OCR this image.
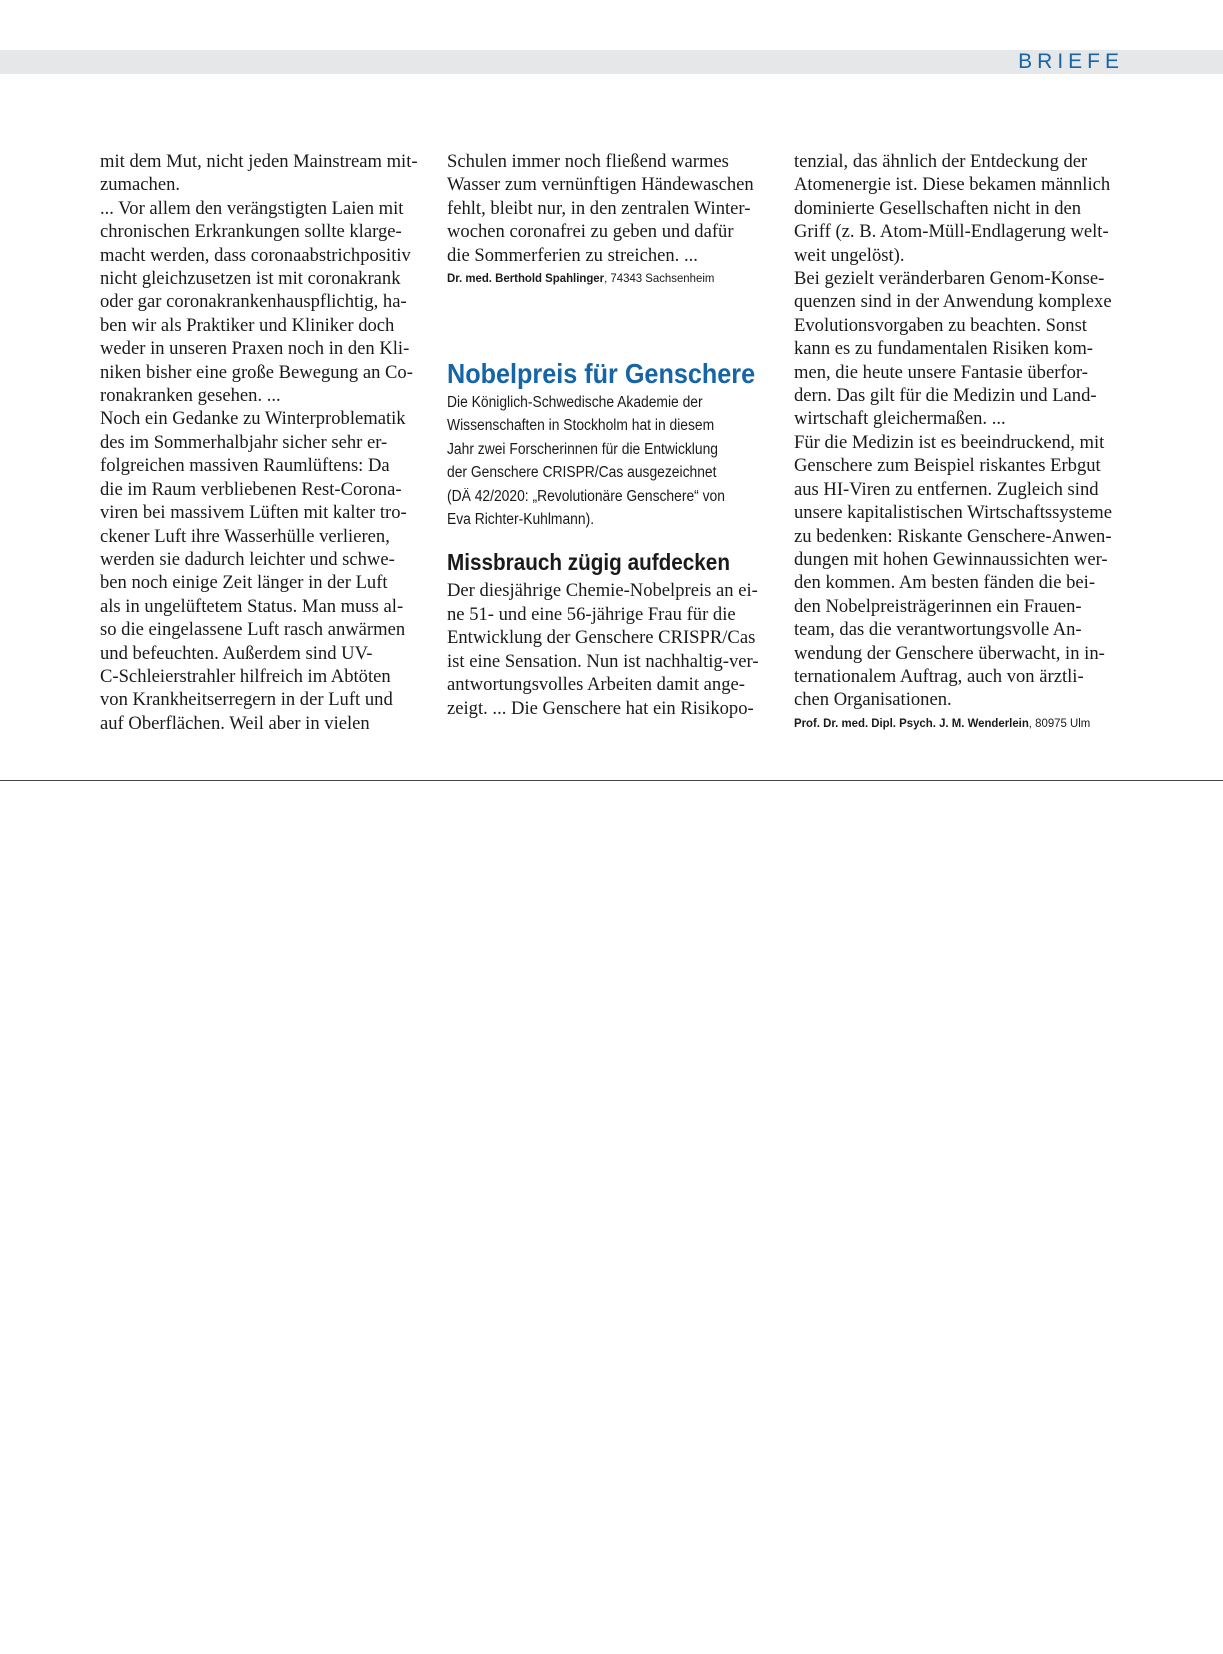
BRIEFE
mit dem Mut, nicht jeden Mainstream mit-
zumachen.
... Vor allem den verängstigten Laien mit
chronischen Erkrankungen sollte klarge-
macht werden, dass coronaabstrichpositiv
nicht gleichzusetzen ist mit coronakrank
oder gar coronakrankenhauspflichtig, ha-
ben wir als Praktiker und Kliniker doch
weder in unseren Praxen noch in den Kli-
niken bisher eine große Bewegung an Co-
ronakranken gesehen. ...
Noch ein Gedanke zu Winterproblematik
des im Sommerhalbjahr sicher sehr er-
folgreichen massiven Raumlüftens: Da
die im Raum verbliebenen Rest-Corona-
viren bei massivem Lüften mit kalter tro-
ckener Luft ihre Wasserhülle verlieren,
werden sie dadurch leichter und schwe-
ben noch einige Zeit länger in der Luft
als in ungelüftetem Status. Man muss al-
so die eingelassene Luft rasch anwärmen
und befeuchten. Außerdem sind UV-
C-Schleierstrahler hilfreich im Abtöten
von Krankheitserregern in der Luft und
auf Oberflächen. Weil aber in vielen
Schulen immer noch fließend warmes
Wasser zum vernünftigen Händewaschen
fehlt, bleibt nur, in den zentralen Winter-
wochen coronafrei zu geben und dafür
die Sommerferien zu streichen. ...
Dr. med. Berthold Spahlinger, 74343 Sachsenheim
Nobelpreis für Genschere
Die Königlich-Schwedische Akademie der
Wissenschaften in Stockholm hat in diesem
Jahr zwei Forscherinnen für die Entwicklung
der Genschere CRISPR/Cas ausgezeichnet
(DÄ 42/2020: „Revolutionäre Genschere“ von
Eva Richter-Kuhlmann).
Missbrauch zügig aufdecken
Der diesjährige Chemie-Nobelpreis an ei-
ne 51- und eine 56-jährige Frau für die
Entwicklung der Genschere CRISPR/Cas
ist eine Sensation. Nun ist nachhaltig-ver-
antwortungsvolles Arbeiten damit ange-
zeigt. ... Die Genschere hat ein Risikopo-
tenzial, das ähnlich der Entdeckung der
Atomenergie ist. Diese bekamen männlich
dominierte Gesellschaften nicht in den
Griff (z. B. Atom-Müll-Endlagerung welt-
weit ungelöst).
Bei gezielt veränderbaren Genom-Konse-
quenzen sind in der Anwendung komplexe
Evolutionsvorgaben zu beachten. Sonst
kann es zu fundamentalen Risiken kom-
men, die heute unsere Fantasie überfor-
dern. Das gilt für die Medizin und Land-
wirtschaft gleichermaßen. ...
Für die Medizin ist es beeindruckend, mit
Genschere zum Beispiel riskantes Erbgut
aus HI-Viren zu entfernen. Zugleich sind
unsere kapitalistischen Wirtschaftssysteme
zu bedenken: Riskante Genschere-Anwen-
dungen mit hohen Gewinnaussichten wer-
den kommen. Am besten fänden die bei-
den Nobelpreisträgerinnen ein Frauen-
team, das die verantwortungsvolle An-
wendung der Genschere überwacht, in in-
ternationalem Auftrag, auch von ärztli-
chen Organisationen.
Prof. Dr. med. Dipl. Psych. J. M. Wenderlein, 80975 Ulm
